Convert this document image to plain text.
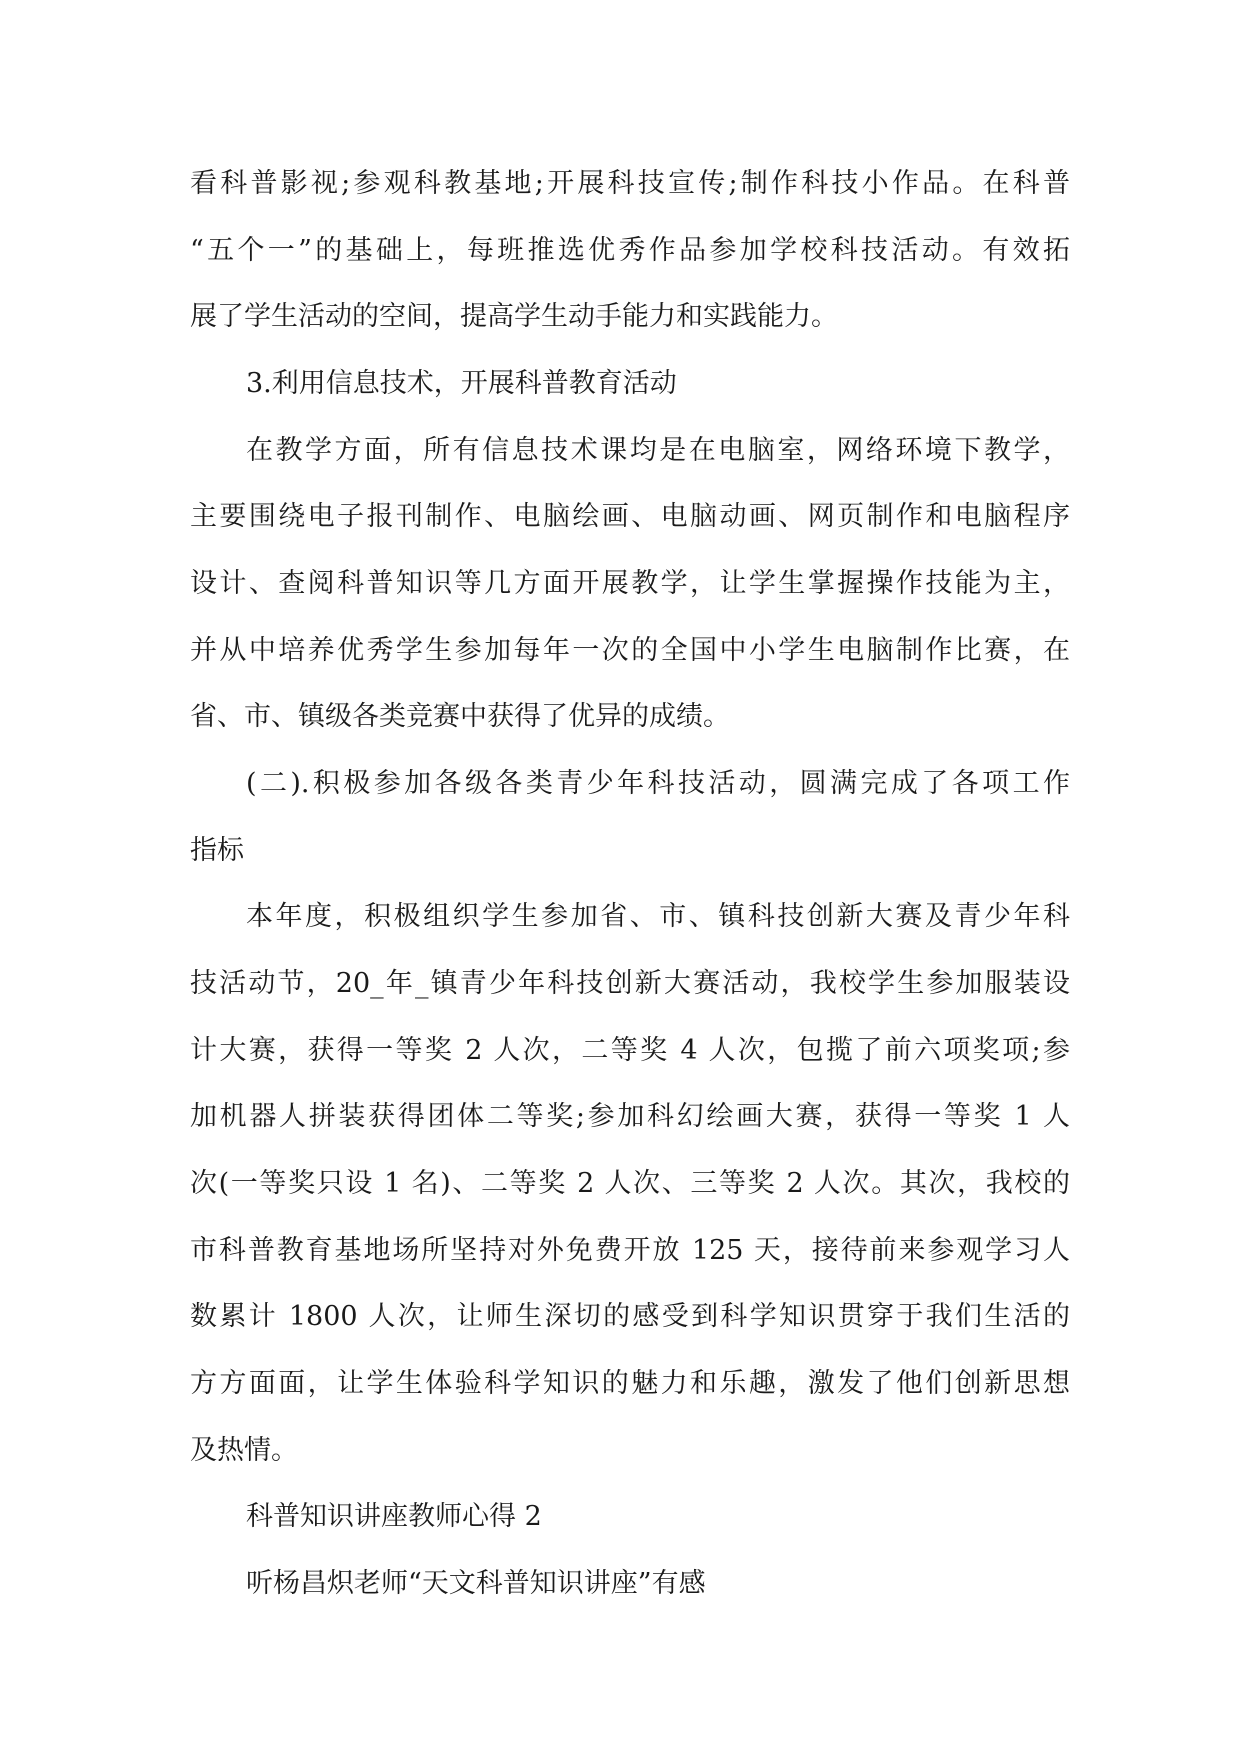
看科普影视;参观科教基地;开展科技宣传;制作科技小作品。在科普
“五个一”的基础上，每班推选优秀作品参加学校科技活动。有效拓
展了学生活动的空间，提高学生动手能力和实践能力。
3.利用信息技术，开展科普教育活动
在教学方面，所有信息技术课均是在电脑室，网络环境下教学，
主要围绕电子报刊制作、电脑绘画、电脑动画、网页制作和电脑程序
设计、查阅科普知识等几方面开展教学，让学生掌握操作技能为主，
并从中培养优秀学生参加每年一次的全国中小学生电脑制作比赛，在
省、市、镇级各类竞赛中获得了优异的成绩。
(二).积极参加各级各类青少年科技活动，圆满完成了各项工作
指标
本年度，积极组织学生参加省、市、镇科技创新大赛及青少年科
技活动节，20_年_镇青少年科技创新大赛活动，我校学生参加服装设
计大赛，获得一等奖 2 人次，二等奖 4 人次，包揽了前六项奖项;参
加机器人拼装获得团体二等奖;参加科幻绘画大赛，获得一等奖 1 人
次(一等奖只设 1 名)、二等奖 2 人次、三等奖 2 人次。其次，我校的
市科普教育基地场所坚持对外免费开放 125 天，接待前来参观学习人
数累计 1800 人次，让师生深切的感受到科学知识贯穿于我们生活的
方方面面，让学生体验科学知识的魅力和乐趣，激发了他们创新思想
及热情。
科普知识讲座教师心得 2
听杨昌炽老师“天文科普知识讲座”有感
